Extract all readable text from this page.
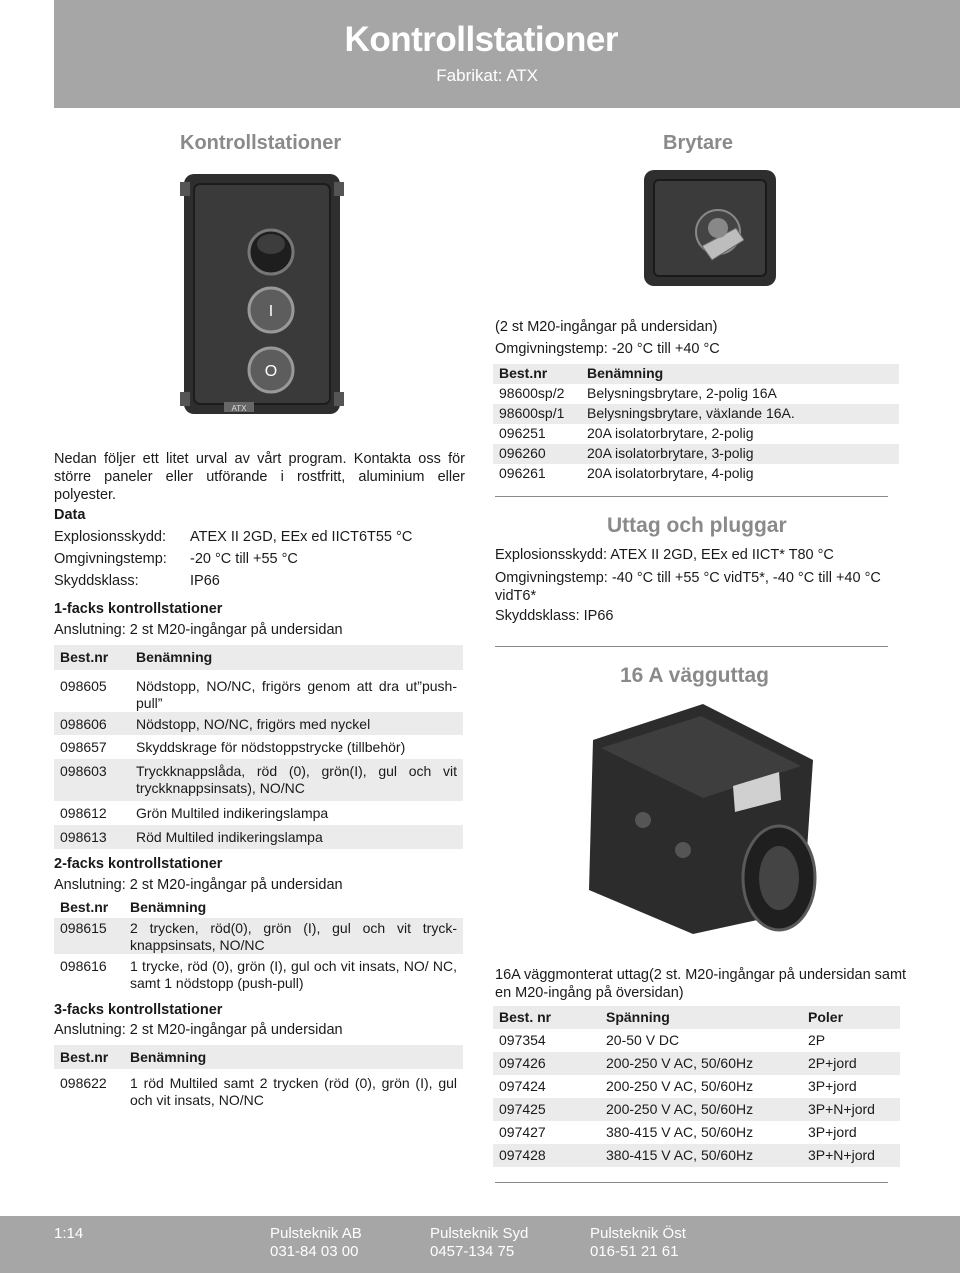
Kontrollstationer
Fabrikat: ATX
Kontrollstationer
I
O
ATX
Nedan följer ett litet urval av vårt program. Kontakta oss för större paneler eller utförande i rostfritt, aluminium eller polyester.
Data
Explosionsskydd:	ATEX II 2GD, EEx ed IICT6T55 °C
Omgivningstemp:	-20 °C till +55 °C
Skyddsklass:	IP66
1-facks kontrollstationer
Anslutning: 2 st M20-ingångar på undersidan
Best.nr	Benämning
098605	Nödstopp, NO/NC, frigörs genom att dra ut”push-pull”
098606	Nödstopp, NO/NC, frigörs med nyckel
098657	Skyddskrage för nödstoppstrycke (tillbehör)
098603	Tryckknappslåda, röd (0), grön(I), gul och vit tryckknappsinsats), NO/NC
098612	Grön Multiled indikeringslampa
098613	Röd Multiled indikeringslampa
2-facks kontrollstationer
Anslutning: 2 st M20-ingångar på undersidan
Best.nr	Benämning
098615	2 trycken, röd(0), grön (I), gul och vit tryck-knappsinsats, NO/NC
098616	1 trycke, röd (0), grön (I), gul och vit insats, NO/ NC, samt 1 nödstopp (push-pull)
3-facks kontrollstationer
Anslutning: 2 st M20-ingångar på undersidan
Best.nr	Benämning
098622	1 röd Multiled samt 2 trycken (röd (0), grön (I), gul och vit insats, NO/NC
Brytare
(2 st M20-ingångar på undersidan)
Omgivningstemp: -20 °C till +40 °C
Best.nr	Benämning
98600sp/2	Belysningsbrytare, 2-polig 16A
98600sp/1	Belysningsbrytare, växlande 16A.
096251	20A isolatorbrytare, 2-polig
096260	20A isolatorbrytare, 3-polig
096261	20A isolatorbrytare, 4-polig
Uttag och pluggar
Explosionsskydd: ATEX II 2GD, EEx ed IICT* T80 °C
Omgivningstemp: -40 °C till +55 °C vidT5*, -40 °C till +40 °C vidT6*
Skyddsklass: IP66
16 A vägguttag
16A väggmonterat uttag(2 st. M20-ingångar på undersidan samt en M20-ingång på översidan)
Best. nr	Spänning	Poler
097354	20-50 V DC	2P
097426	200-250 V AC, 50/60Hz	2P+jord
097424	200-250 V AC, 50/60Hz	3P+jord
097425	200-250 V AC, 50/60Hz	3P+N+jord
097427	380-415 V AC, 50/60Hz	3P+jord
097428	380-415 V AC, 50/60Hz	3P+N+jord
1:14	Pulsteknik AB
031-84 03 00
Pulsteknik Syd
0457-134 75
Pulsteknik Öst
016-51 21 61
